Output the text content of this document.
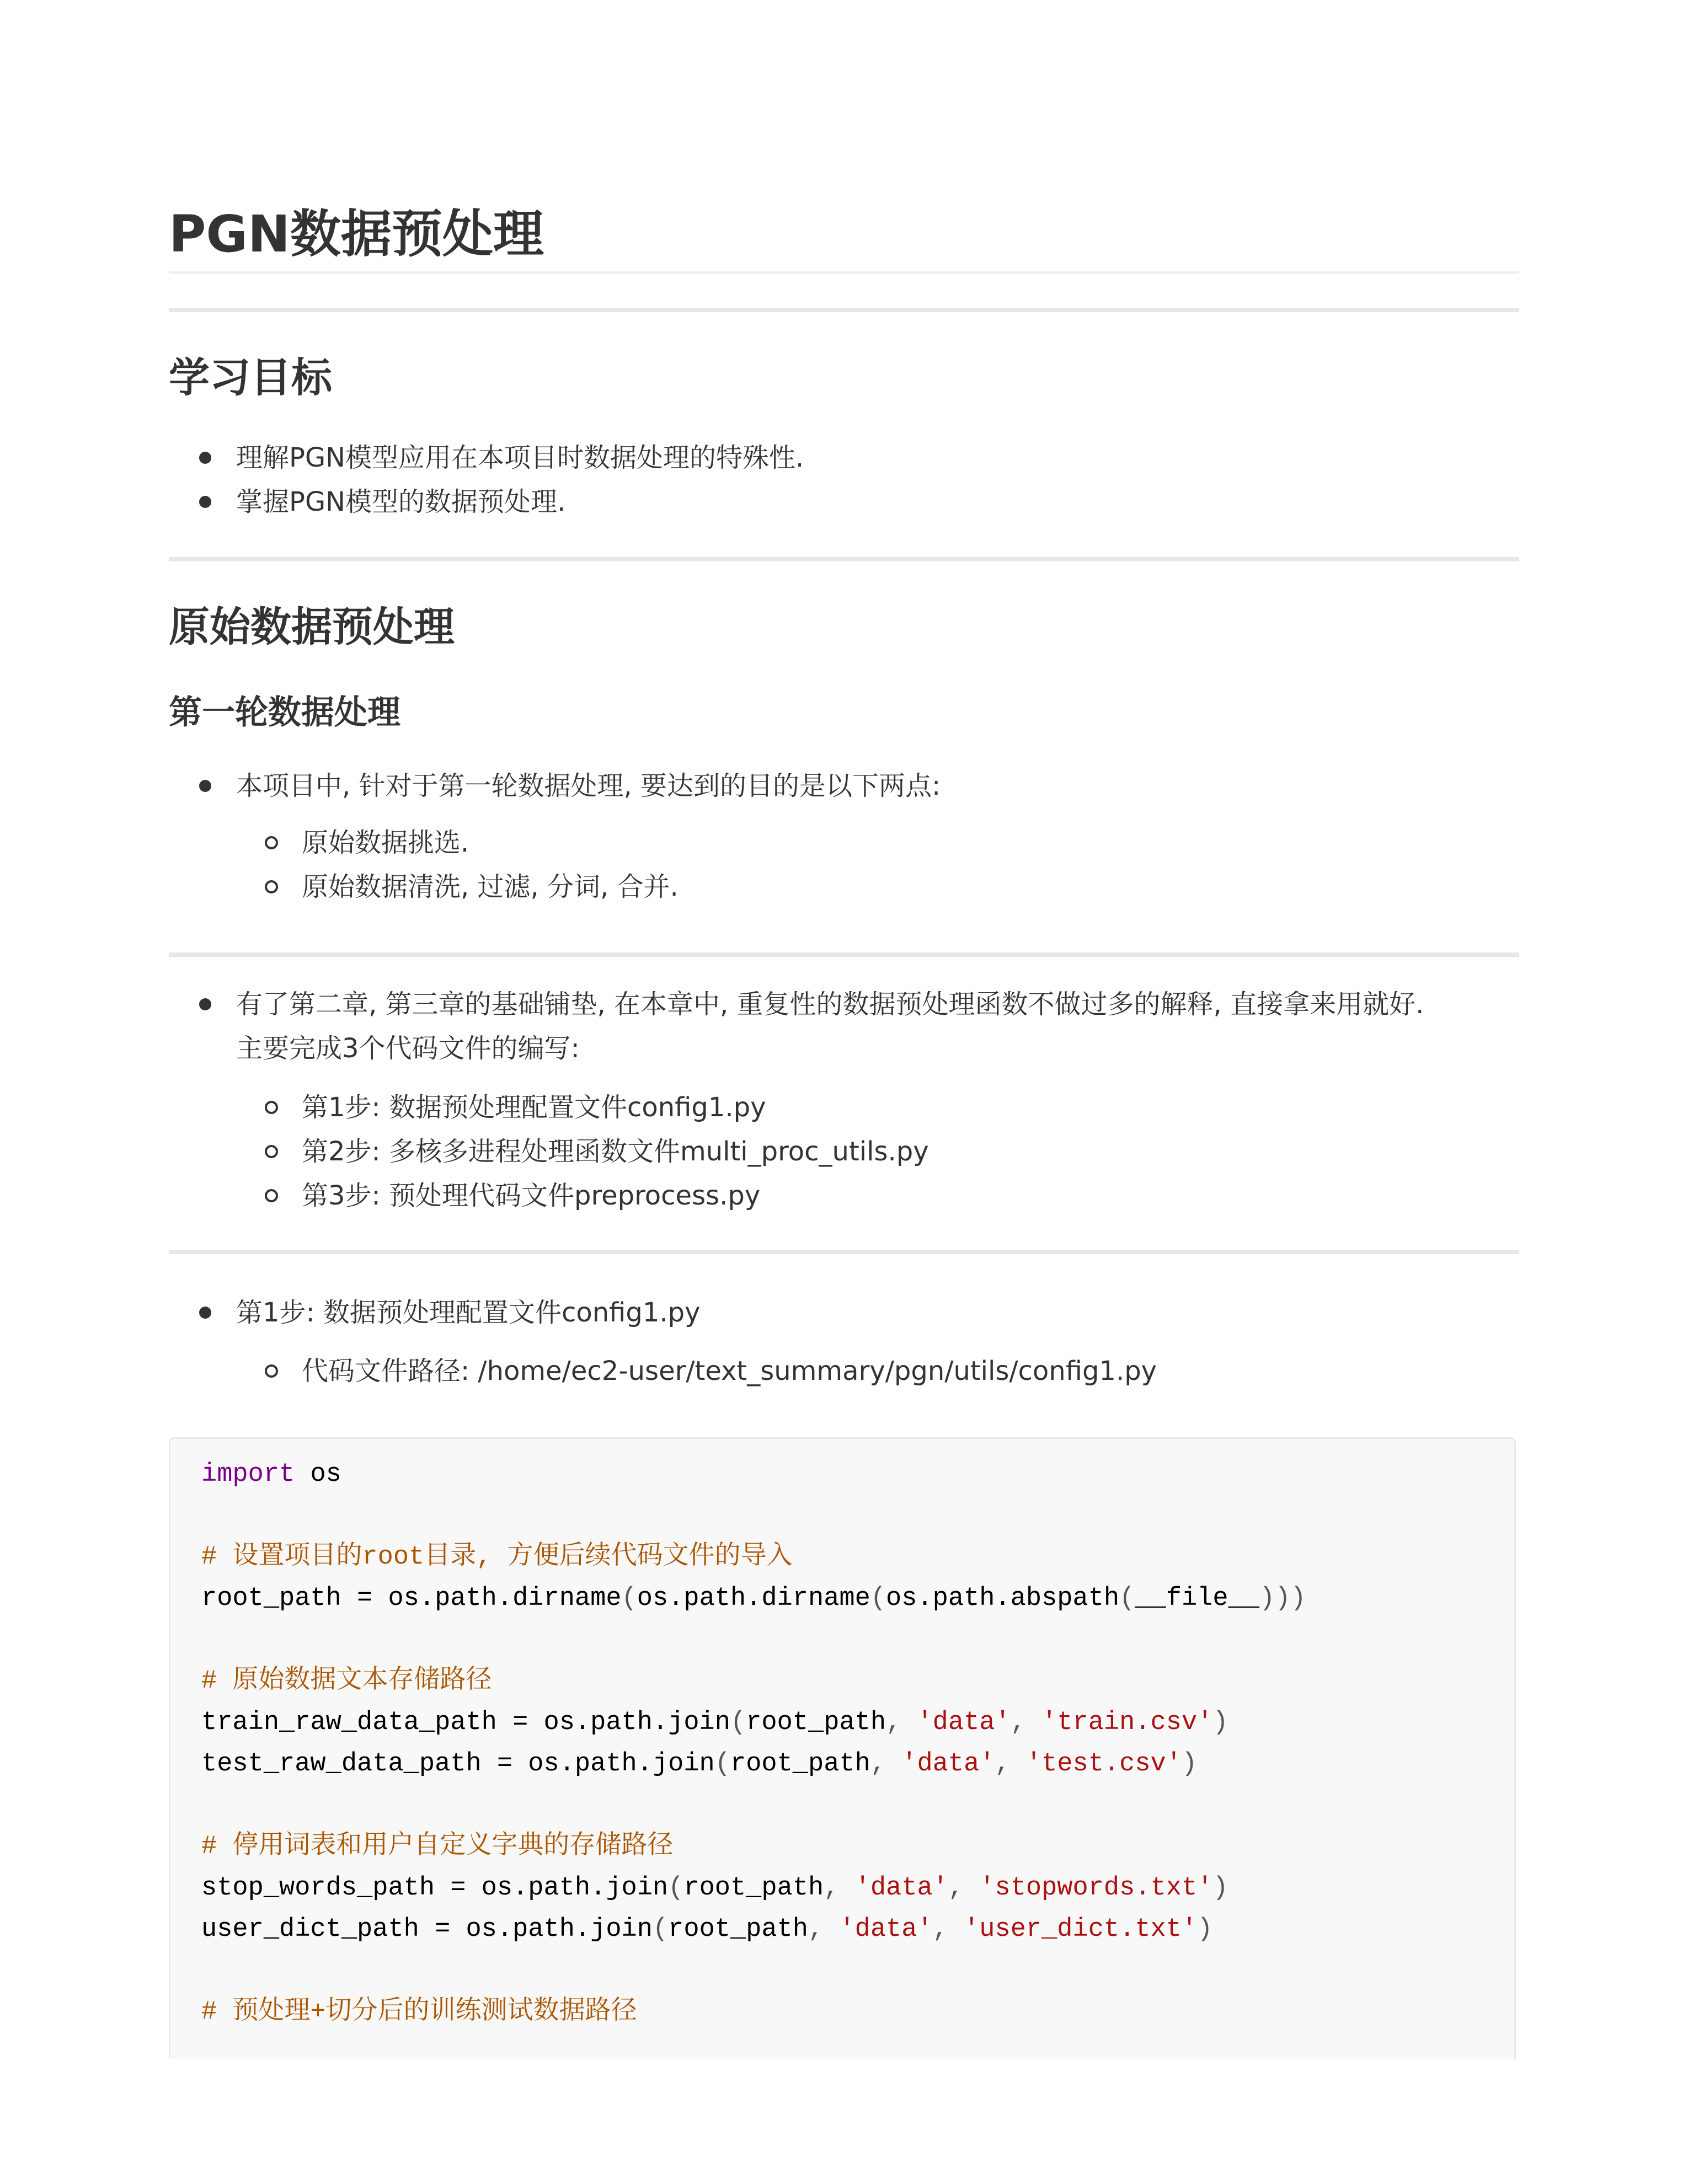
PGN数据预处理
学习目标
理解PGN模型应用在本项目时数据处理的特殊性.
掌握PGN模型的数据预处理.
原始数据预处理
第一轮数据处理
本项目中, 针对于第一轮数据处理, 要达到的目的是以下两点:
原始数据挑选.
原始数据清洗, 过滤, 分词, 合并.
有了第二章, 第三章的基础铺垫, 在本章中, 重复性的数据预处理函数不做过多的解释, 直接拿来用就好.
主要完成3个代码文件的编写:
第1步: 数据预处理配置文件config1.py
第2步: 多核多进程处理函数文件multi_proc_utils.py
第3步: 预处理代码文件preprocess.py
第1步: 数据预处理配置文件config1.py
代码文件路径: /home/ec2-user/text_summary/pgn/utils/config1.py
import os
# 设置项目的root目录, 方便后续代码文件的导入
root_path = os.path.dirname(os.path.dirname(os.path.abspath(__file__)))
# 原始数据文本存储路径
train_raw_data_path = os.path.join(root_path, 'data', 'train.csv')
test_raw_data_path = os.path.join(root_path, 'data', 'test.csv')
# 停用词表和用户自定义字典的存储路径
stop_words_path = os.path.join(root_path, 'data', 'stopwords.txt')
user_dict_path = os.path.join(root_path, 'data', 'user_dict.txt')
# 预处理+切分后的训练测试数据路径
